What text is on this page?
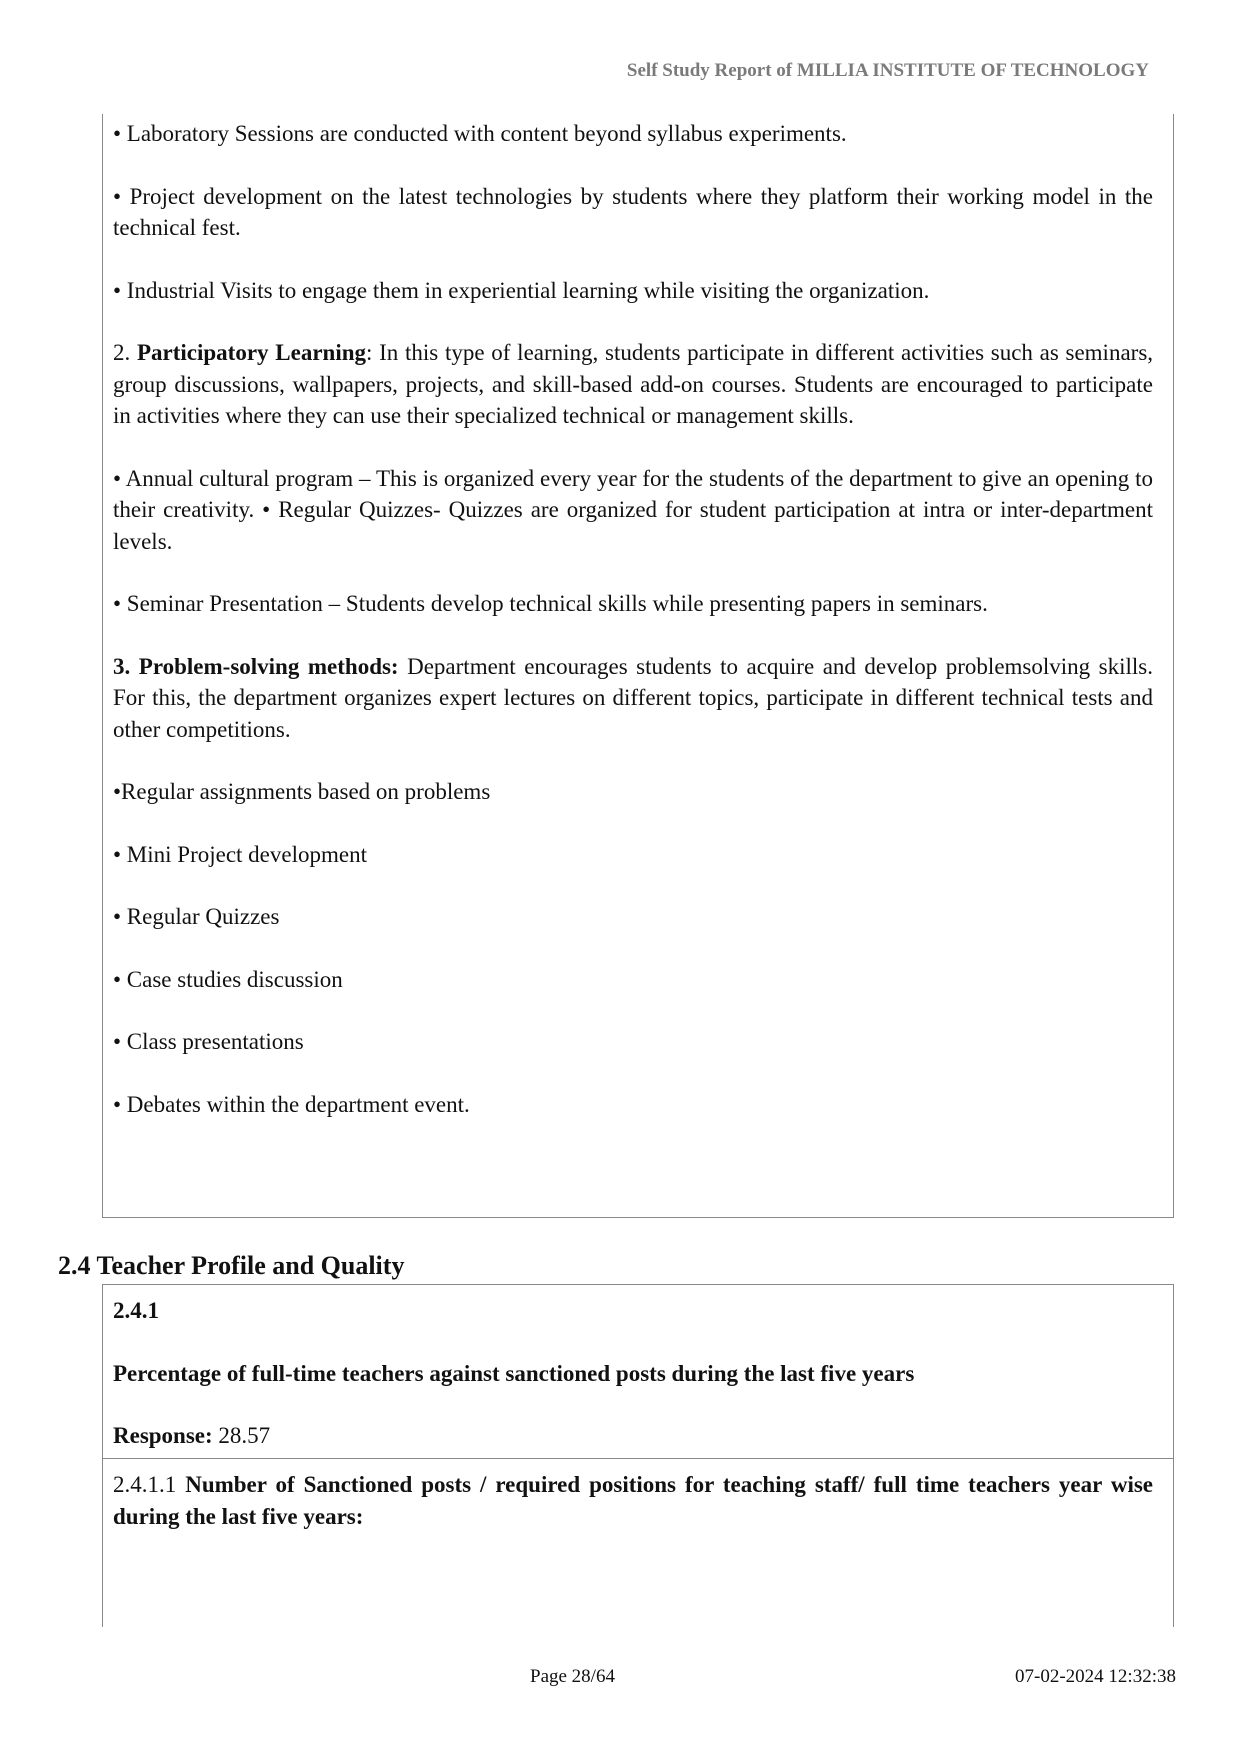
Self Study Report of MILLIA INSTITUTE OF TECHNOLOGY

• Laboratory Sessions are conducted with content beyond syllabus experiments.

• Project development on the latest technologies by students where they platform their working model in the technical fest.

• Industrial Visits to engage them in experiential learning while visiting the organization.

2. Participatory Learning: In this type of learning, students participate in different activities such as seminars, group discussions, wallpapers, projects, and skill-based add-on courses. Students are encouraged to participate in activities where they can use their specialized technical or management skills.

• Annual cultural program – This is organized every year for the students of the department to give an opening to their creativity. • Regular Quizzes- Quizzes are organized for student participation at intra or inter-department levels.

• Seminar Presentation – Students develop technical skills while presenting papers in seminars.

3. Problem-solving methods: Department encourages students to acquire and develop problemsolving skills. For this, the department organizes expert lectures on different topics, participate in different technical tests and other competitions.

•Regular assignments based on problems

• Mini Project development

• Regular Quizzes

• Case studies discussion

• Class presentations

• Debates within the department event.

2.4 Teacher Profile and Quality

2.4.1

Percentage of full-time teachers against sanctioned posts during the last five years

Response: 28.57

2.4.1.1 Number of Sanctioned posts / required positions for teaching staff/ full time teachers year wise during the last five years:

Page 28/64	07-02-2024 12:32:38
